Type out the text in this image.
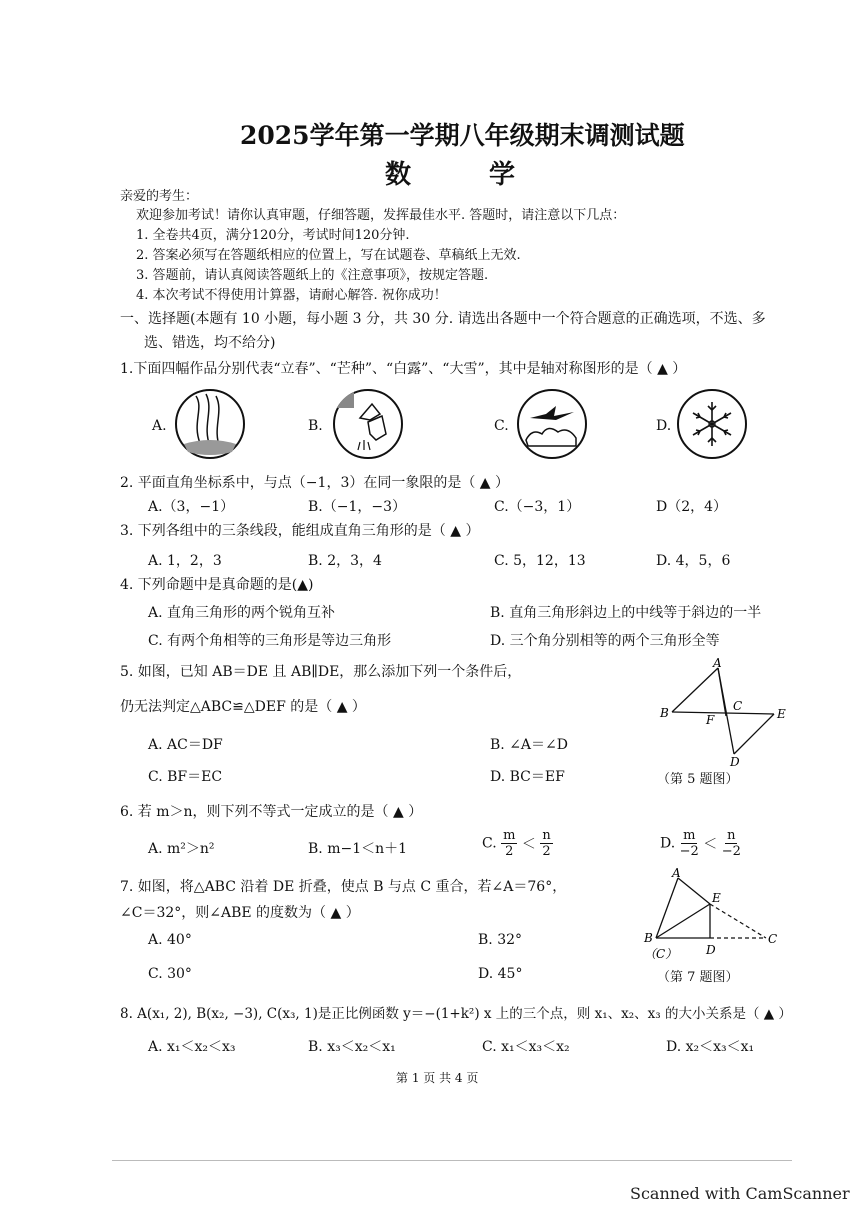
2025学年第一学期八年级期末调测试题
数　　　学
亲爱的考生：
欢迎参加考试！请你认真审题，仔细答题，发挥最佳水平. 答题时，请注意以下几点：
1. 全卷共4页，满分120分，考试时间120分钟.
2. 答案必须写在答题纸相应的位置上，写在试题卷、草稿纸上无效.
3. 答题前，请认真阅读答题纸上的《注意事项》，按规定答题.
4. 本次考试不得使用计算器，请耐心解答. 祝你成功！
一、选择题(本题有 10 小题，每小题 3 分，共 30 分. 请选出各题中一个符合题意的正确选项，不选、多
选、错选，均不给分)
1.下面四幅作品分别代表“立春”、“芒种”、“白露”、“大雪”，其中是轴对称图形的是（ ▲ ）
A.	B.	C.	D.
2. 平面直角坐标系中，与点（−1，3）在同一象限的是（ ▲ ）
A.（3，−1）	B.（−1，−3）	C.（−3，1）	D（2，4）
3. 下列各组中的三条线段，能组成直角三角形的是（ ▲ ）
A. 1，2，3	B. 2，3，4	C. 5，12，13	D. 4，5，6
4. 下列命题中是真命题的是(▲)
A. 直角三角形的两个锐角互补	B. 直角三角形斜边上的中线等于斜边的一半
C. 有两个角相等的三角形是等边三角形	D. 三个角分别相等的两个三角形全等
5. 如图，已知 AB＝DE 且 AB∥DE，那么添加下列一个条件后，
仍无法判定△ABC≌△DEF 的是（ ▲ ）
A. AC＝DF	B. ∠A＝∠D
C. BF＝EC	D. BC＝EF
A
B	C
F	E
D
（第 5 题图）
6. 若 m＞n，则下列不等式一定成立的是（ ▲ ）
A. m²＞n²	B. m−1＜n＋1	C. $\frac{m}{2} < \frac{n}{2}$	D. $\frac{m}{-2} < \frac{n}{-2}$
7. 如图，将△ABC 沿着 DE 折叠，使点 B 与点 C 重合，若∠A＝76°，
∠C＝32°，则∠ABE 的度数为（ ▲ ）
A. 40°	B. 32°
C. 30°	D. 45°
A
E
B
D
C
（C）
（第 7 题图）
8. A(x₁, 2), B(x₂, −3), C(x₃, 1)是正比例函数 y＝−(1+k²) x 上的三个点，则 x₁、x₂、x₃ 的大小关系是（ ▲ ）
A. x₁＜x₂＜x₃	B. x₃＜x₂＜x₁	C. x₁＜x₃＜x₂	D. x₂＜x₃＜x₁
第 1 页 共 4 页
Scanned with CamScanner
